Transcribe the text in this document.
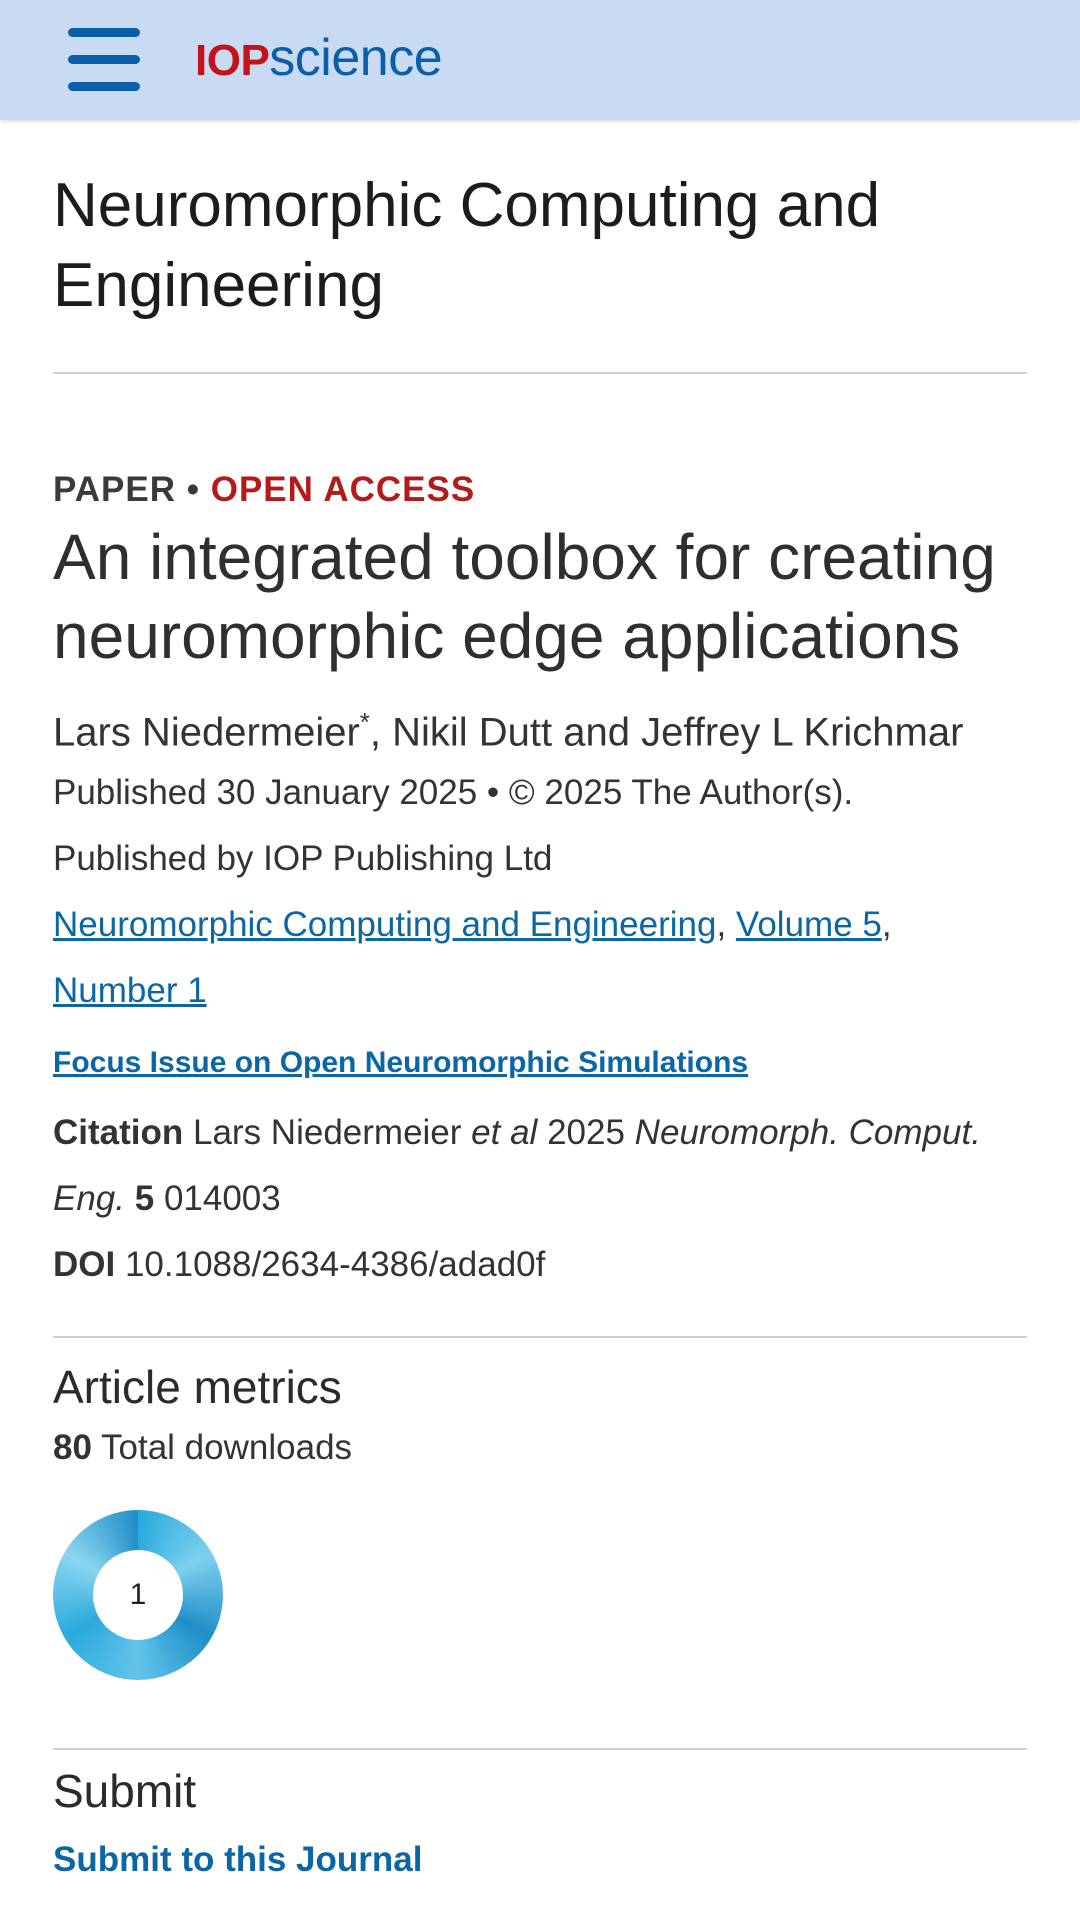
IOPscience
Neuromorphic Computing and Engineering
PAPER • OPEN ACCESS
An integrated toolbox for creating neuromorphic edge applications
Lars Niedermeier*, Nikil Dutt and Jeffrey L Krichmar
Published 30 January 2025 • © 2025 The Author(s).
Published by IOP Publishing Ltd
Neuromorphic Computing and Engineering, Volume 5,
Number 1
Focus Issue on Open Neuromorphic Simulations
Citation Lars Niedermeier et al 2025 Neuromorph. Comput. Eng. 5 014003
DOI 10.1088/2634-4386/adad0f
Article metrics
80 Total downloads
1
Submit
Submit to this Journal
